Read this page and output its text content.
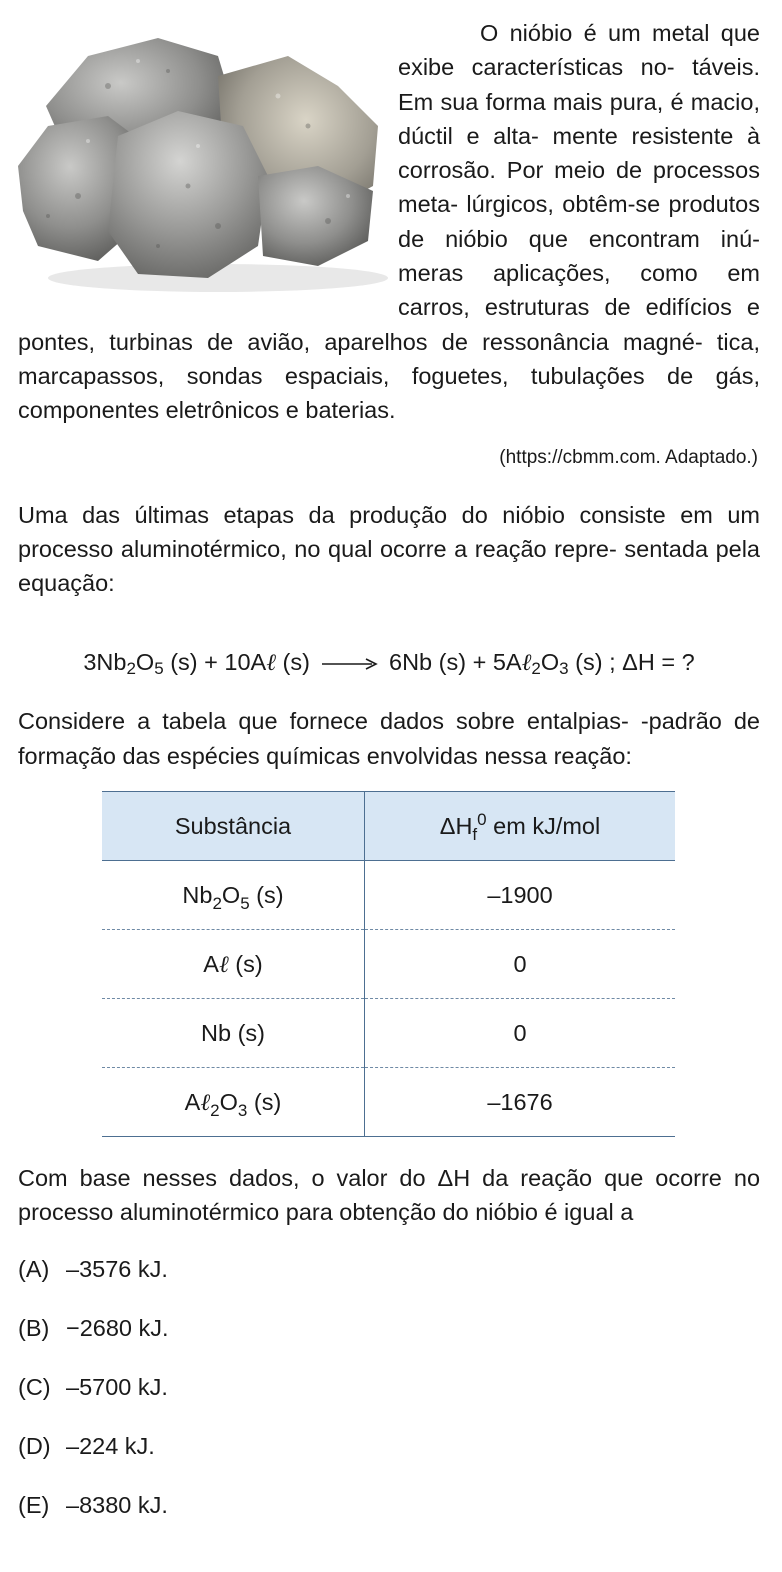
O nióbio é um metal que exibe características no- táveis. Em sua forma mais pura, é macio, dúctil e alta- mente resistente à corrosão. Por meio de processos meta- lúrgicos, obtêm-se produtos de nióbio que encontram inú- meras aplicações, como em carros, estruturas de edifícios e pontes, turbinas de avião, aparelhos de ressonância magné- tica, marcapassos, sondas espaciais, foguetes, tubulações de gás, componentes eletrônicos e baterias.

(https://cbmm.com. Adaptado.)

Uma das últimas etapas da produção do nióbio consiste em um processo aluminotérmico, no qual ocorre a reação repre- sentada pela equação:

$3Nb_2O_5$ (s) + 10Aℓ (s) → 6Nb $(s) + 5A\ell_2O_3$ (s) ; ΔH = ?

Considere a tabela que fornece dados sobre entalpias- -padrão de formação das espécies químicas envolvidas nessa reação:

Substância	$\Delta H_f^0$ em kJ/mol
$Nb_2O_5$ (s)	–1900
Aℓ (s)	0
Nb (s)	0
$A\ell_2O_3$ (s)	–1676

Com base nesses dados, o valor do ΔH da reação que ocorre no processo aluminotérmico para obtenção do nióbio é igual a

(A) –3576 kJ.
(B) −2680 kJ.
(C) –5700 kJ.
(D) –224 kJ.
(E) –8380 kJ.
